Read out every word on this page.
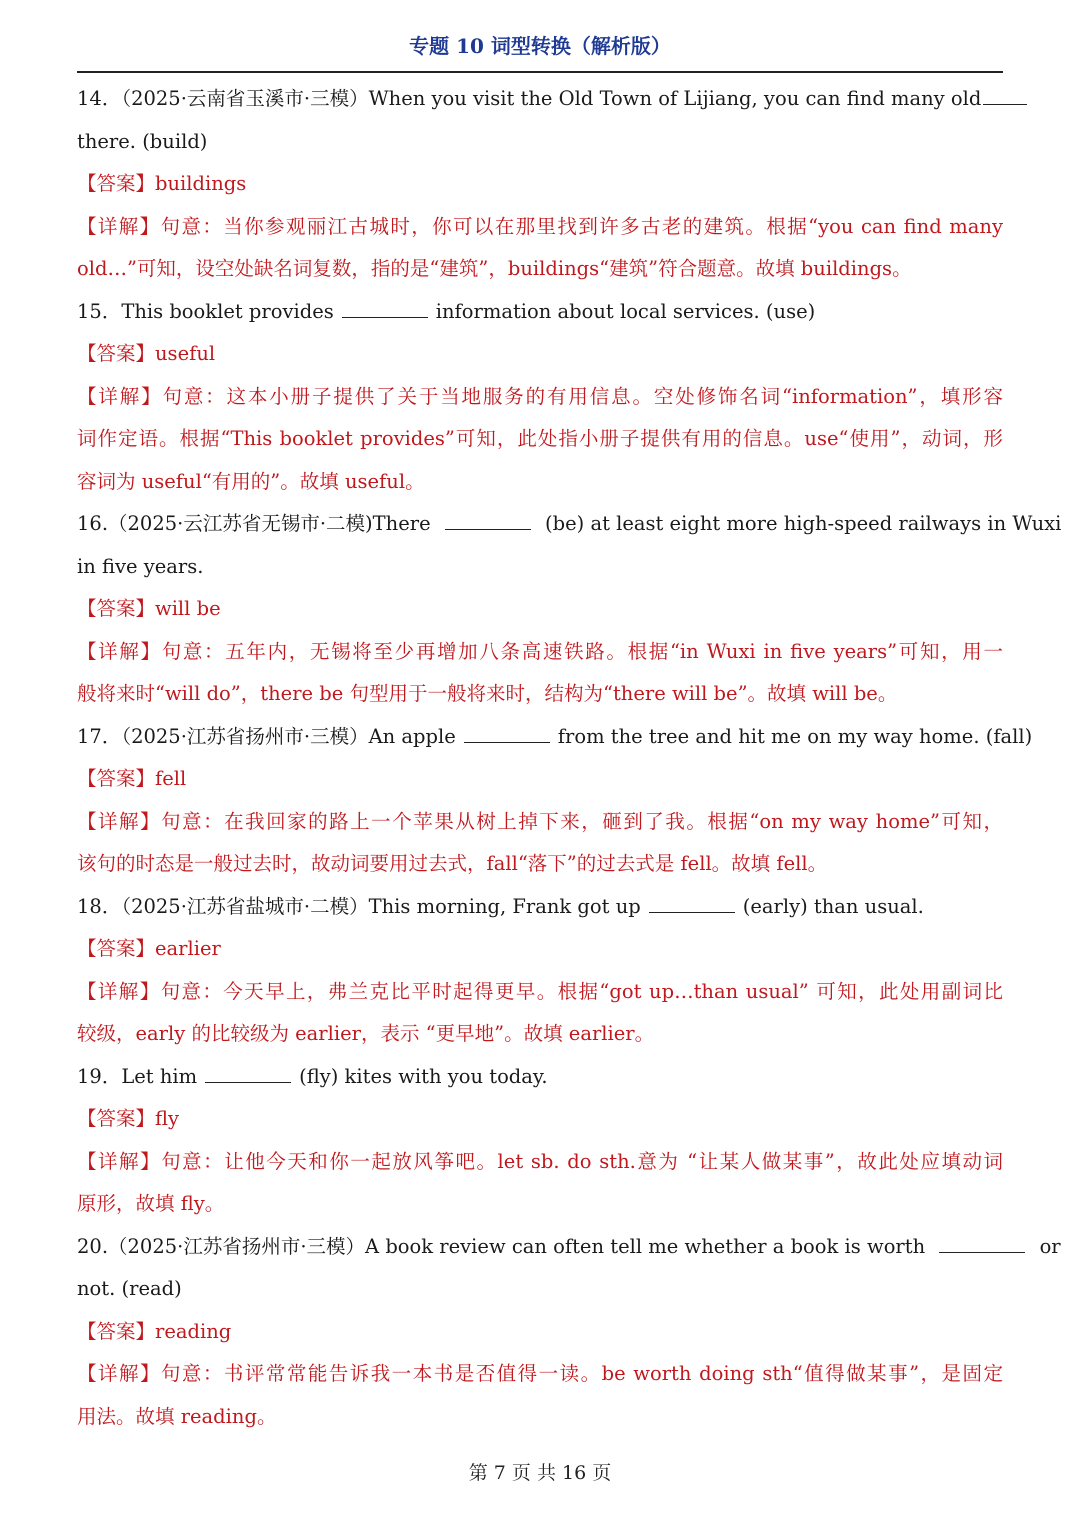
专题 10 词型转换（解析版）
14．（2025·云南省玉溪市·三模）When you visit the Old Town of Lijiang, you can find many old
there. (build)
【答案】buildings
【详解】句意：当你参观丽江古城时，你可以在那里找到许多古老的建筑。根据“you can find many
old…”可知，设空处缺名词复数，指的是“建筑”，buildings“建筑”符合题意。故填 buildings。
15．This booklet provides	information about local services. (use)
【答案】useful
【详解】句意：这本小册子提供了关于当地服务的有用信息。空处修饰名词“information”，填形容
词作定语。根据“This booklet provides”可知，此处指小册子提供有用的信息。use“使用”，动词，形
容词为 useful“有用的”。故填 useful。
16.（2025·云江苏省无锡市·二模)There	(be) at least eight more high-speed railways in Wuxi
in five years.
【答案】will be
【详解】句意：五年内，无锡将至少再增加八条高速铁路。根据“in Wuxi in five years”可知，用一
般将来时“will do”，there be 句型用于一般将来时，结构为“there will be”。故填 will be。
17．（2025·江苏省扬州市·三模）An apple	from the tree and hit me on my way home. (fall)
【答案】fell
【详解】句意：在我回家的路上一个苹果从树上掉下来，砸到了我。根据“on my way home”可知，
该句的时态是一般过去时，故动词要用过去式，fall“落下”的过去式是 fell。故填 fell。
18．（2025·江苏省盐城市·二模）This morning, Frank got up	(early) than usual.
【答案】earlier
【详解】句意：今天早上，弗兰克比平时起得更早。根据“got up…than usual” 可知，此处用副词比
较级，early 的比较级为 earlier，表示 “更早地”。故填 earlier。
19．Let him	(fly) kites with you today.
【答案】fly
【详解】句意：让他今天和你一起放风筝吧。let sb. do sth.意为 “让某人做某事”，故此处应填动词
原形，故填 fly。
20.（2025·江苏省扬州市·三模）A book review can often tell me whether a book is worth	or
not. (read)
【答案】reading
【详解】句意：书评常常能告诉我一本书是否值得一读。be worth doing sth“值得做某事”，是固定
用法。故填 reading。
第 7 页 共 16 页
